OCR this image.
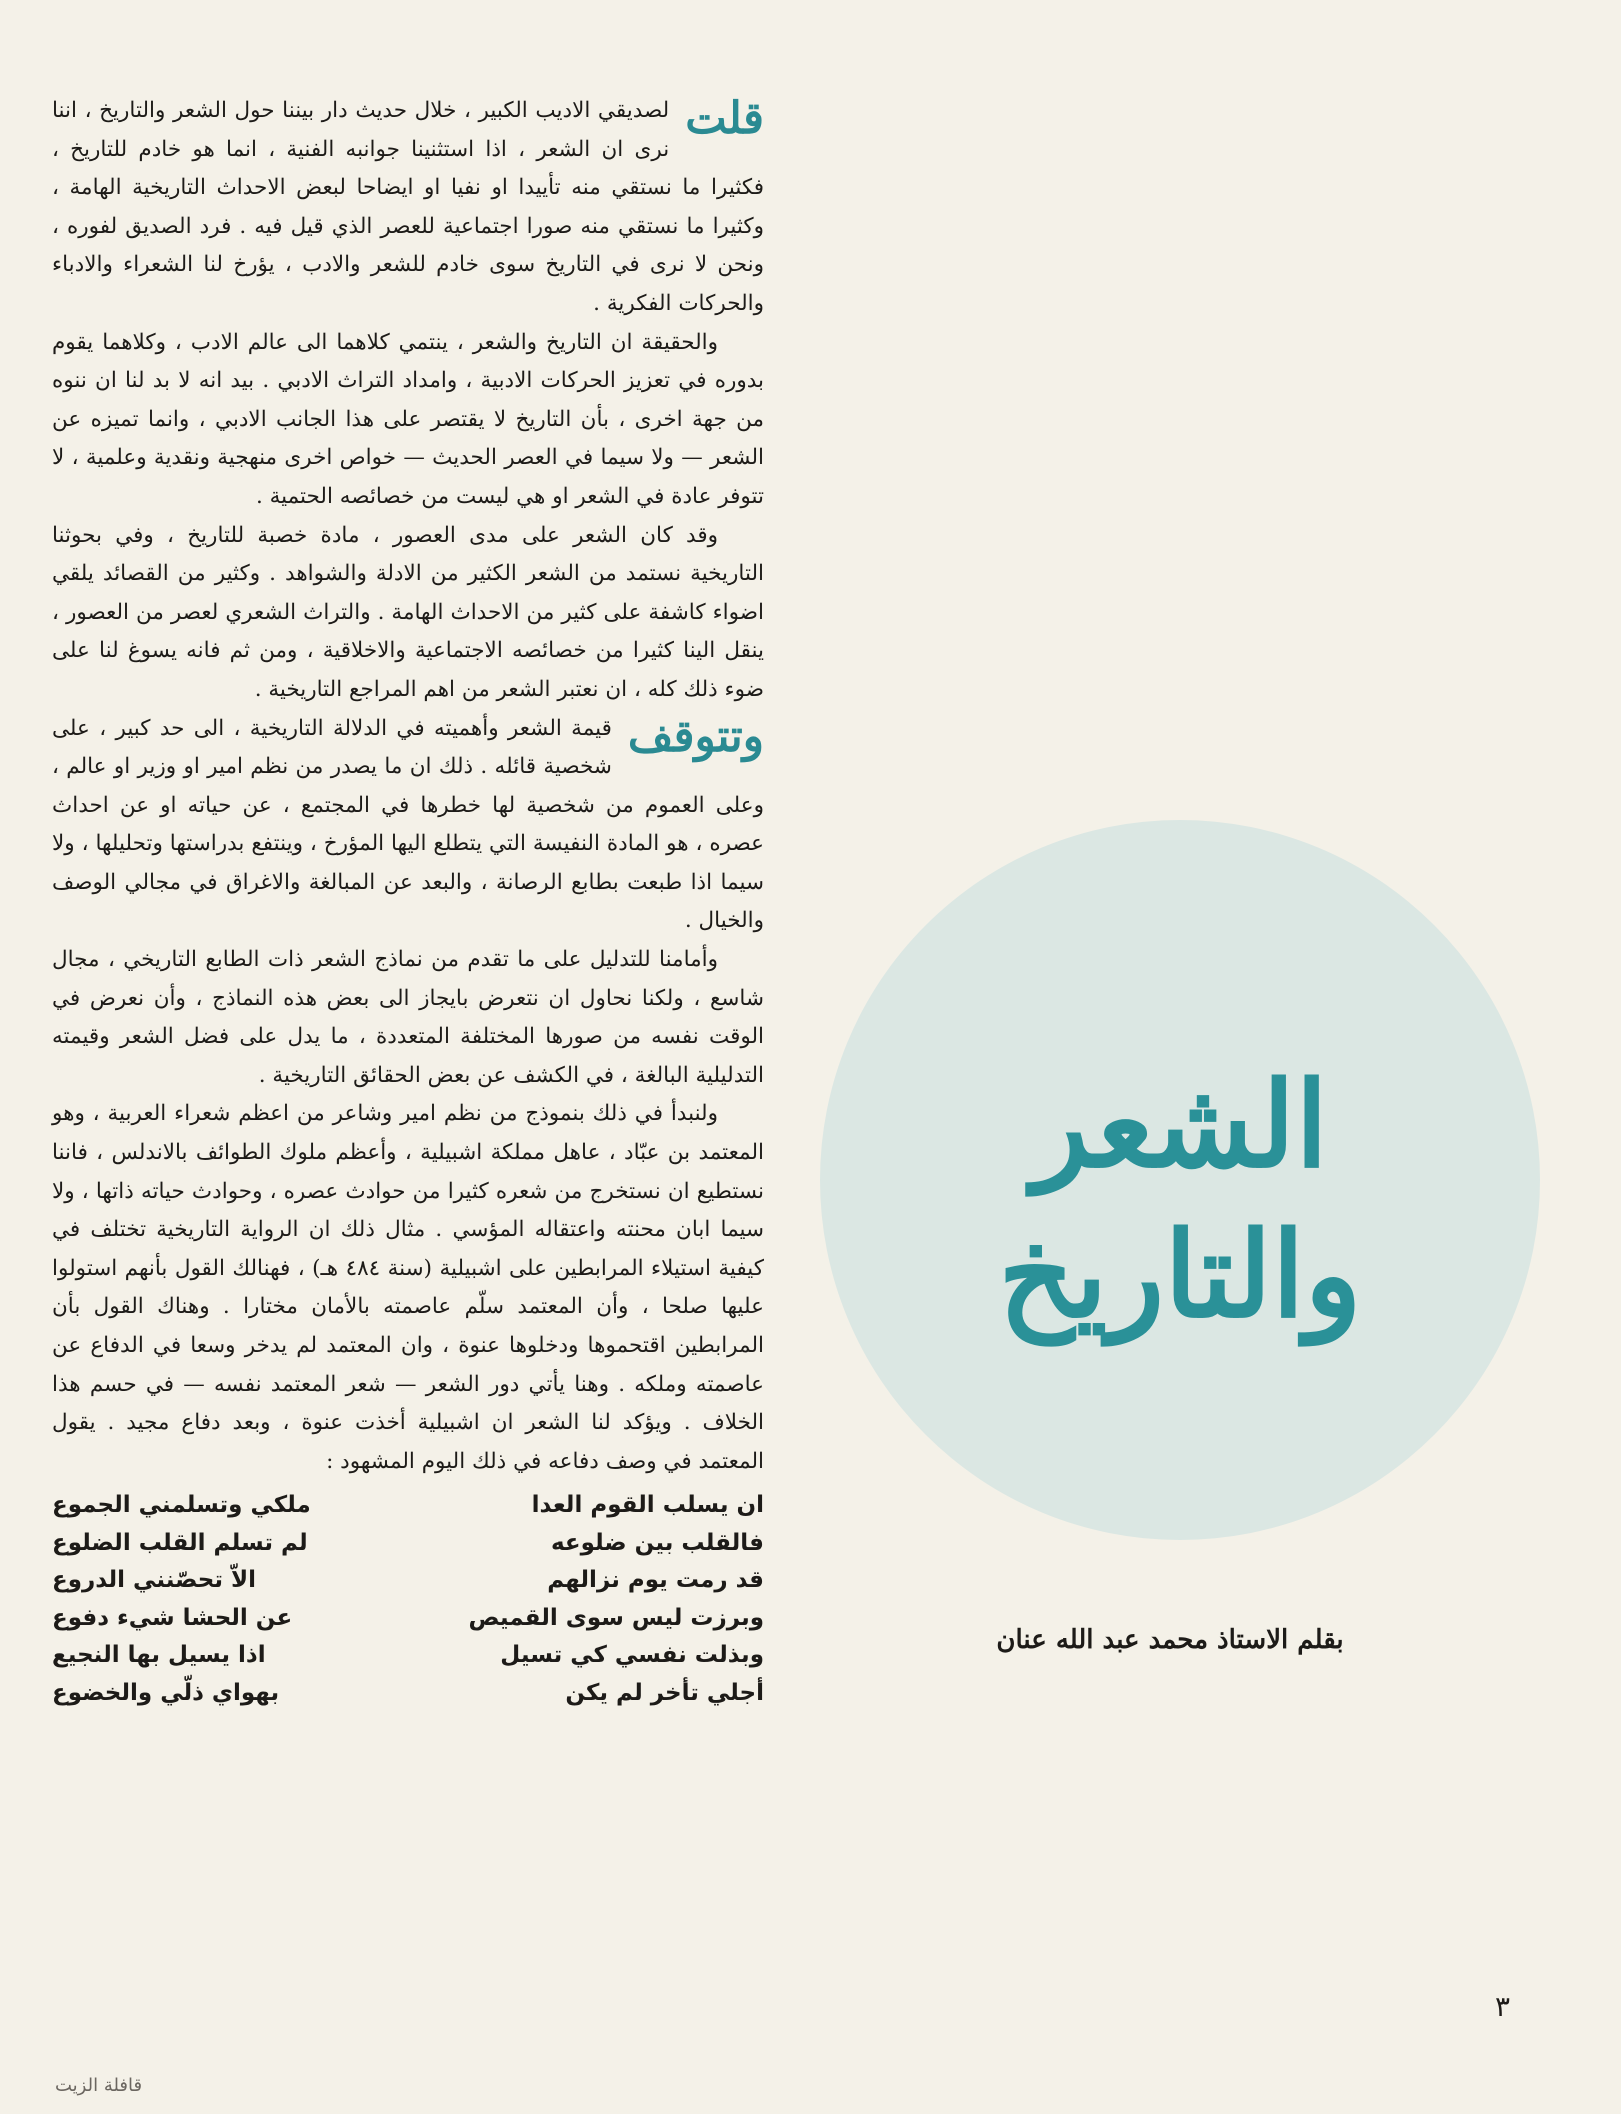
قلت
لصديقي الاديب الكبير ، خلال حديث دار بيننا حول الشعر والتاريخ ، اننا نرى ان الشعر ، اذا استثنينا جوانبه الفنية ، انما هو خادم للتاريخ ، فكثيرا ما نستقي منه تأييدا او نفيا او ايضاحا لبعض الاحداث التاريخية الهامة ، وكثيرا ما نستقي منه صورا اجتماعية للعصر الذي قيل فيه . فرد الصديق لفوره ، ونحن لا نرى في التاريخ سوى خادم للشعر والادب ، يؤرخ لنا الشعراء والادباء والحركات الفكرية .

والحقيقة ان التاريخ والشعر ، ينتمي كلاهما الى عالم الادب ، وكلاهما يقوم بدوره في تعزيز الحركات الادبية ، وامداد التراث الادبي . بيد انه لا بد لنا ان ننوه من جهة اخرى ، بأن التاريخ لا يقتصر على هذا الجانب الادبي ، وانما تميزه عن الشعر — ولا سيما في العصر الحديث — خواص اخرى منهجية ونقدية وعلمية ، لا تتوفر عادة في الشعر او هي ليست من خصائصه الحتمية .

وقد كان الشعر على مدى العصور ، مادة خصبة للتاريخ ، وفي بحوثنا التاريخية نستمد من الشعر الكثير من الادلة والشواهد . وكثير من القصائد يلقي اضواء كاشفة على كثير من الاحداث الهامة . والتراث الشعري لعصر من العصور ، ينقل الينا كثيرا من خصائصه الاجتماعية والاخلاقية ، ومن ثم فانه يسوغ لنا على ضوء ذلك كله ، ان نعتبر الشعر من اهم المراجع التاريخية .

وتتوقف
قيمة الشعر وأهميته في الدلالة التاريخية ، الى حد كبير ، على شخصية قائله . ذلك ان ما يصدر من نظم امير او وزير او عالم ، وعلى العموم من شخصية لها خطرها في المجتمع ، عن حياته او عن احداث عصره ، هو المادة النفيسة التي يتطلع اليها المؤرخ ، وينتفع بدراستها وتحليلها ، ولا سيما اذا طبعت بطابع الرصانة ، والبعد عن المبالغة والاغراق في مجالي الوصف والخيال .

وأمامنا للتدليل على ما تقدم من نماذج الشعر ذات الطابع التاريخي ، مجال شاسع ، ولكنا نحاول ان نتعرض بايجاز الى بعض هذه النماذج ، وأن نعرض في الوقت نفسه من صورها المختلفة المتعددة ، ما يدل على فضل الشعر وقيمته التدليلية البالغة ، في الكشف عن بعض الحقائق التاريخية .

ولنبدأ في ذلك بنموذج من نظم امير وشاعر من اعظم شعراء العربية ، وهو المعتمد بن عبّاد ، عاهل مملكة اشبيلية ، وأعظم ملوك الطوائف بالاندلس ، فاننا نستطيع ان نستخرج من شعره كثيرا من حوادث عصره ، وحوادث حياته ذاتها ، ولا سيما ابان محنته واعتقاله المؤسي . مثال ذلك ان الرواية التاريخية تختلف في كيفية استيلاء المرابطين على اشبيلية (سنة ٤٨٤ هـ) ، فهنالك القول بأنهم استولوا عليها صلحا ، وأن المعتمد سلّم عاصمته بالأمان مختارا . وهناك القول بأن المرابطين اقتحموها ودخلوها عنوة ، وان المعتمد لم يدخر وسعا في الدفاع عن عاصمته وملكه . وهنا يأتي دور الشعر — شعر المعتمد نفسه — في حسم هذا الخلاف . ويؤكد لنا الشعر ان اشبيلية أخذت عنوة ، وبعد دفاع مجيد . يقول المعتمد في وصف دفاعه في ذلك اليوم المشهود :

ان يسلب القوم العدا
ملكي وتسلمني الجموع
فالقلب بين ضلوعه
لم تسلم القلب الضلوع
قد رمت يوم نزالهم
الاّ تحصّنني الدروع
وبرزت ليس سوى القميص
عن الحشا شيء دفوع
وبذلت نفسي كي تسيل
اذا يسيل بها النجيع
أجلي تأخر لم يكن
بهواي ذلّي والخضوع
الشعر والتاريخ
بقلم الاستاذ محمد عبد الله عنان
٣
قافلة الزيت
